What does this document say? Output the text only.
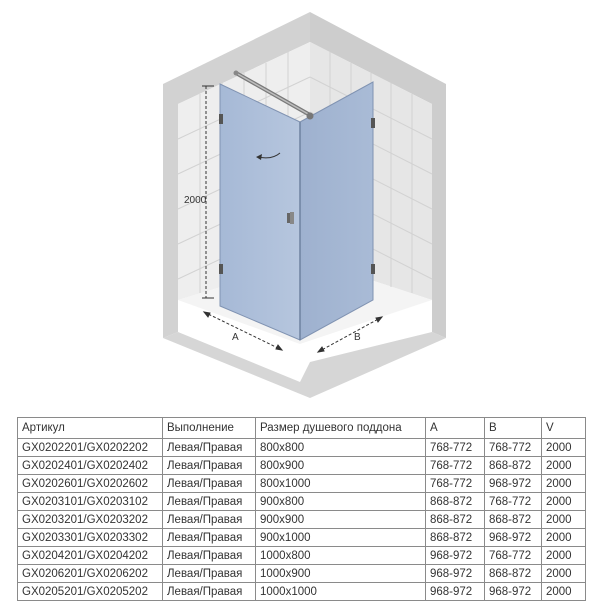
2000
A	B
Артикул	Выполнение	Размер душевого поддона	A	B	V
GX0202201/GX0202202	Левая/Правая	800x800	768-772	768-772	2000
GX0202401/GX0202402	Левая/Правая	800x900	768-772	868-872	2000
GX0202601/GX0202602	Левая/Правая	800x1000	768-772	968-972	2000
GX0203101/GX0203102	Левая/Правая	900x800	868-872	768-772	2000
GX0203201/GX0203202	Левая/Правая	900x900	868-872	868-872	2000
GX0203301/GX0203302	Левая/Правая	900x1000	868-872	968-972	2000
GX0204201/GX0204202	Левая/Правая	1000x800	968-972	768-772	2000
GX0206201/GX0206202	Левая/Правая	1000x900	968-972	868-872	2000
GX0205201/GX0205202	Левая/Правая	1000x1000	968-972	968-972	2000
